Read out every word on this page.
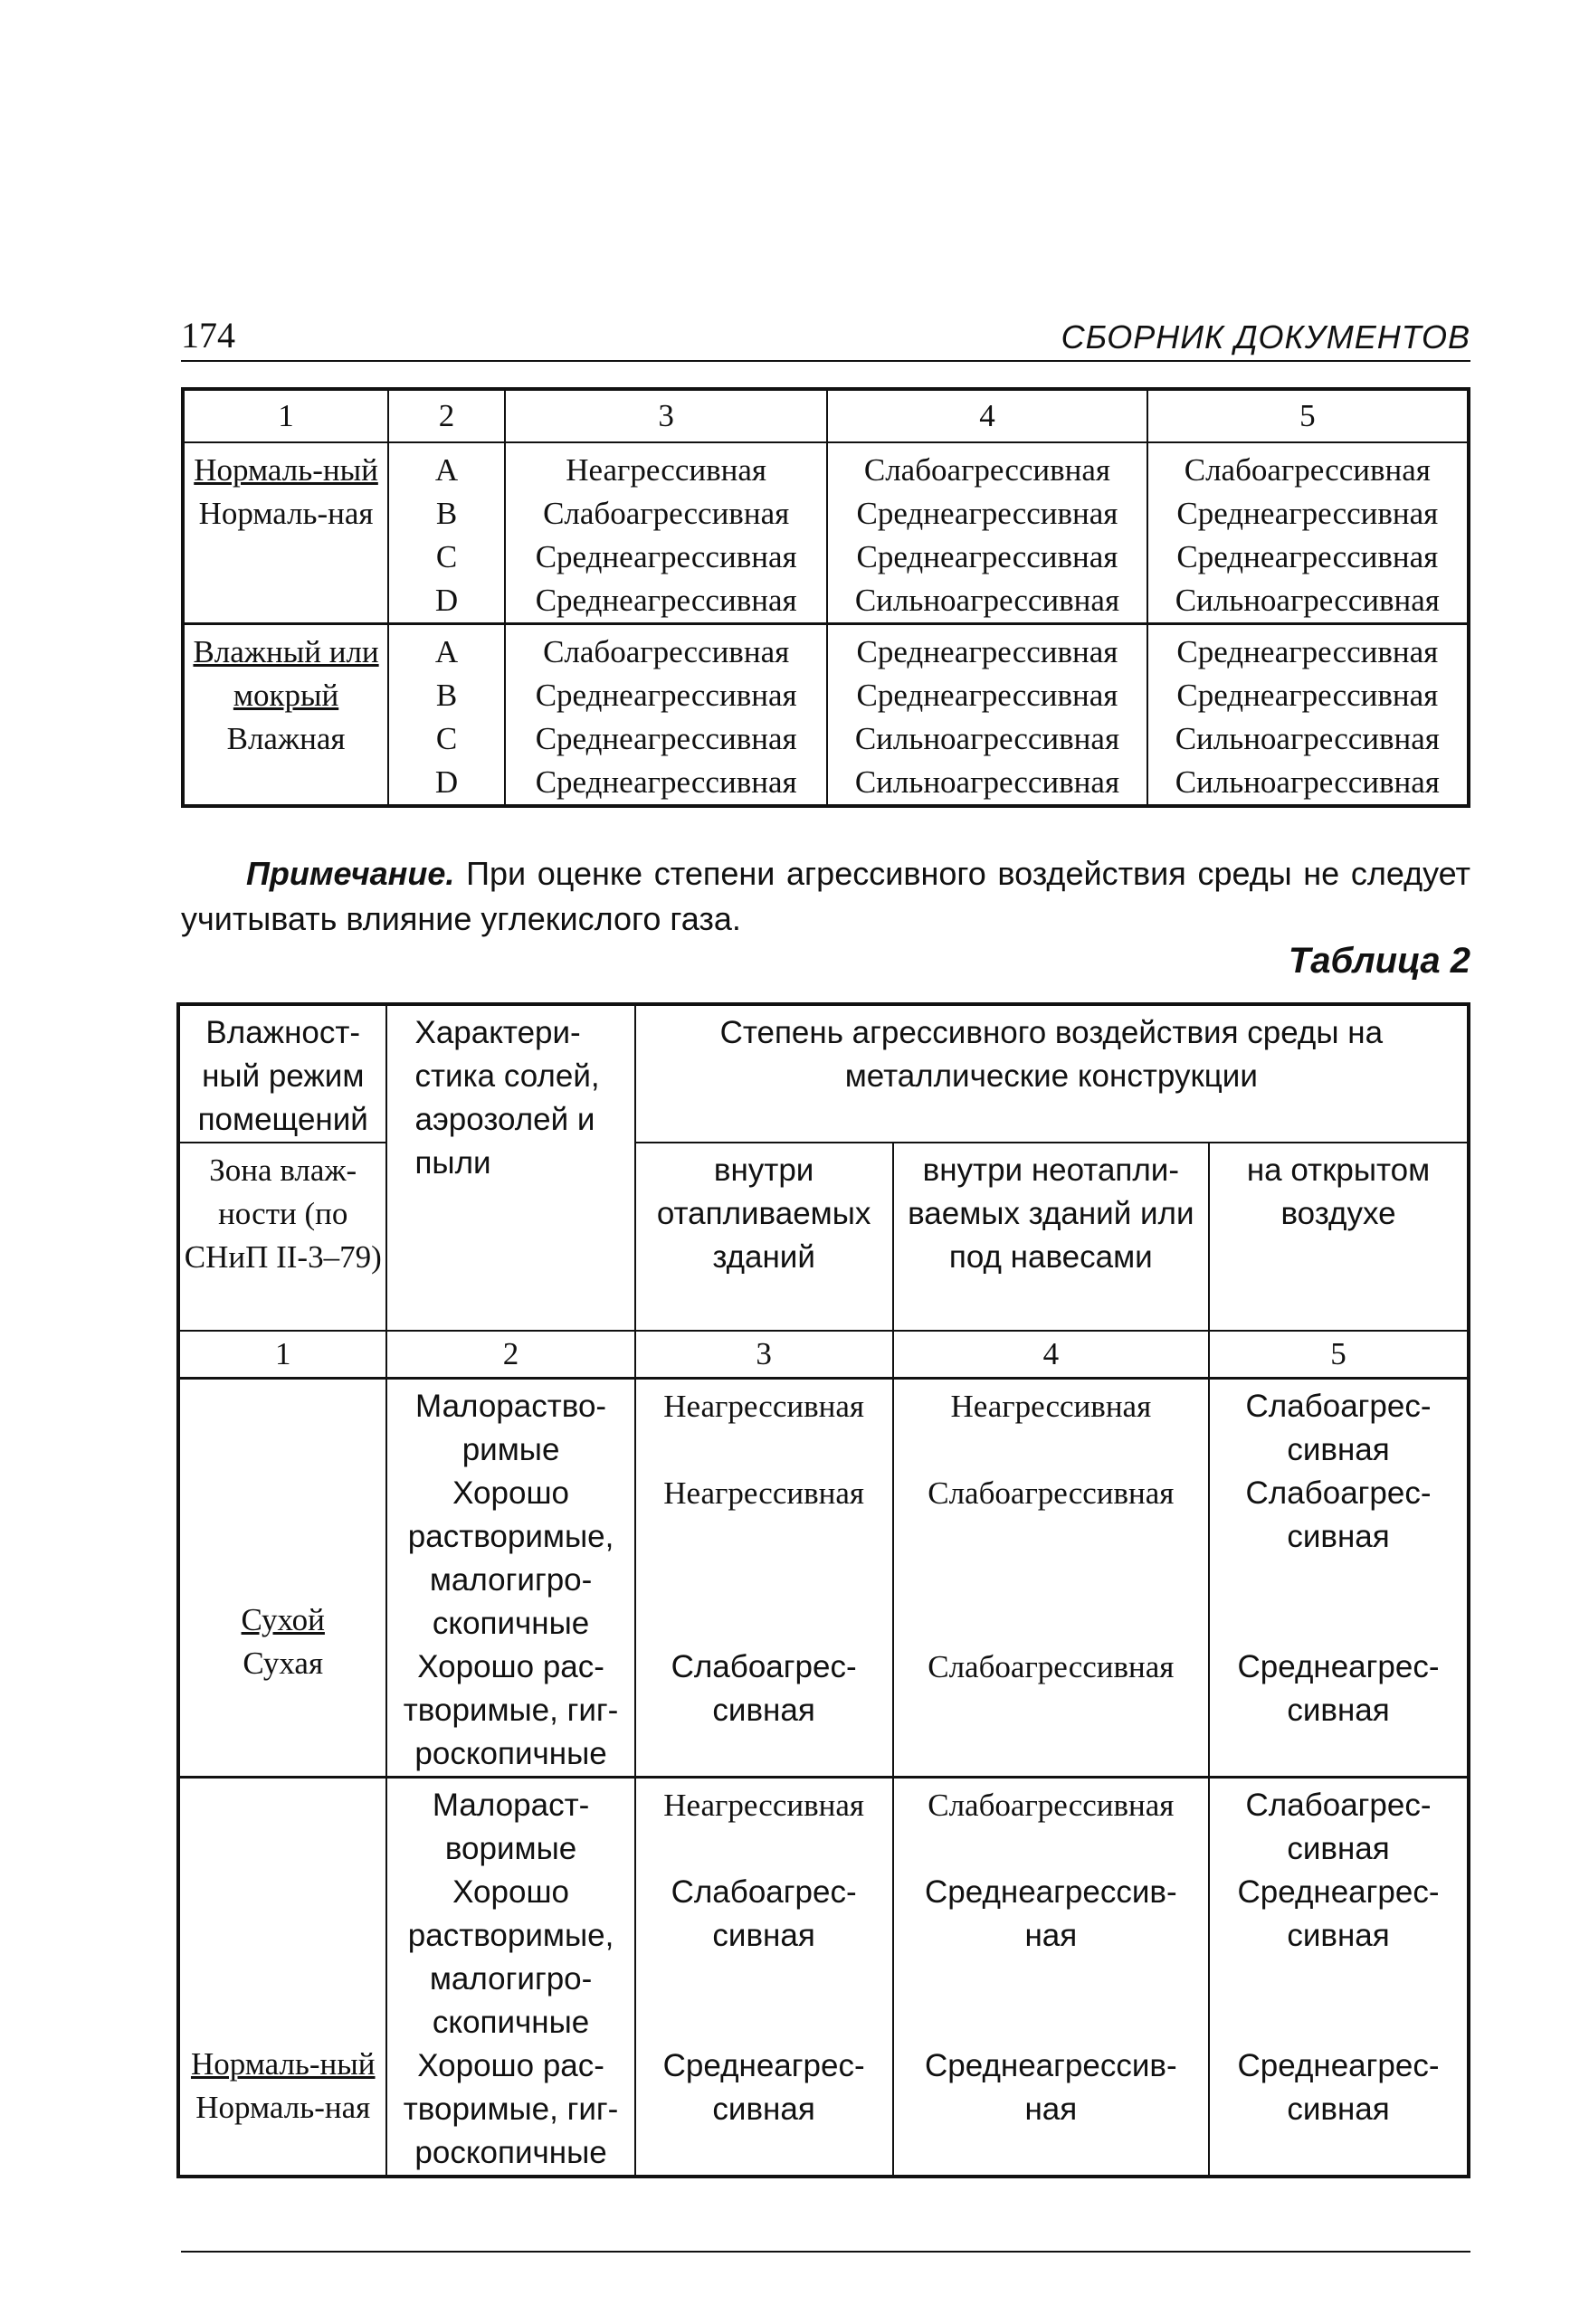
174	СБОРНИК ДОКУМЕНТОВ
1	2	3	4	5

Нормаль-ный
Нормаль-ная	A	Неагрессивная	Слабоагрессивная	Слабоагрессивная
	B	Слабоагрессивная	Среднеагрессивная	Среднеагрессивная
	C	Среднеагрессивная	Среднеагрессивная	Среднеагрессивная
	D	Среднеагрессивная	Сильноагрессивная	Сильноагрессивная

Влажный или мокрый
Влажная	A	Слабоагрессивная	Среднеагрессивная	Среднеагрессивная
	B	Среднеагрессивная	Среднеагрессивная	Среднеагрессивная
	C	Среднеагрессивная	Сильноагрессивная	Сильноагрессивная
	D	Среднеагрессивная	Сильноагрессивная	Сильноагрессивная

Примечание. При оценке степени агрессивного воздействия среды не следует учитывать влияние углекислого газа.

Таблица 2
Влажност-ный режим помещений	Характери-стика солей, аэрозолей и пыли	Степень агрессивного воздействия среды на металлические конструкции		
Зона влаж-ности (по СНиП II-3–79)		внутри отапливаемых зданий	внутри неотапли-ваемых зданий или под навесами	на открытом воздухе
1	2	3	4	5

Сухой
Сухая	Малораство-римые	Неагрессивная	Неагрессивная	Слабоагрес-сивная
	Хорошо растворимые, малогигро-скопичные	Неагрессивная	Слабоагрессивная	Слабоагрес-сивная
	Хорошо рас-творимые, гиг-роскопичные	Слабоагрес-сивная	Слабоагрессивная	Среднеагрес-сивная

Нормаль-ный
Нормаль-ная	Малораст-воримые	Неагрессивная	Слабоагрессивная	Слабоагрес-сивная
	Хорошо растворимые, малогигро-скопичные	Слабоагрес-сивная	Среднеагрессив-ная	Среднеагрес-сивная
	Хорошо рас-творимые, гиг-роскопичные	Среднеагрес-сивная	Среднеагрессив-ная	Среднеагрес-сивная
